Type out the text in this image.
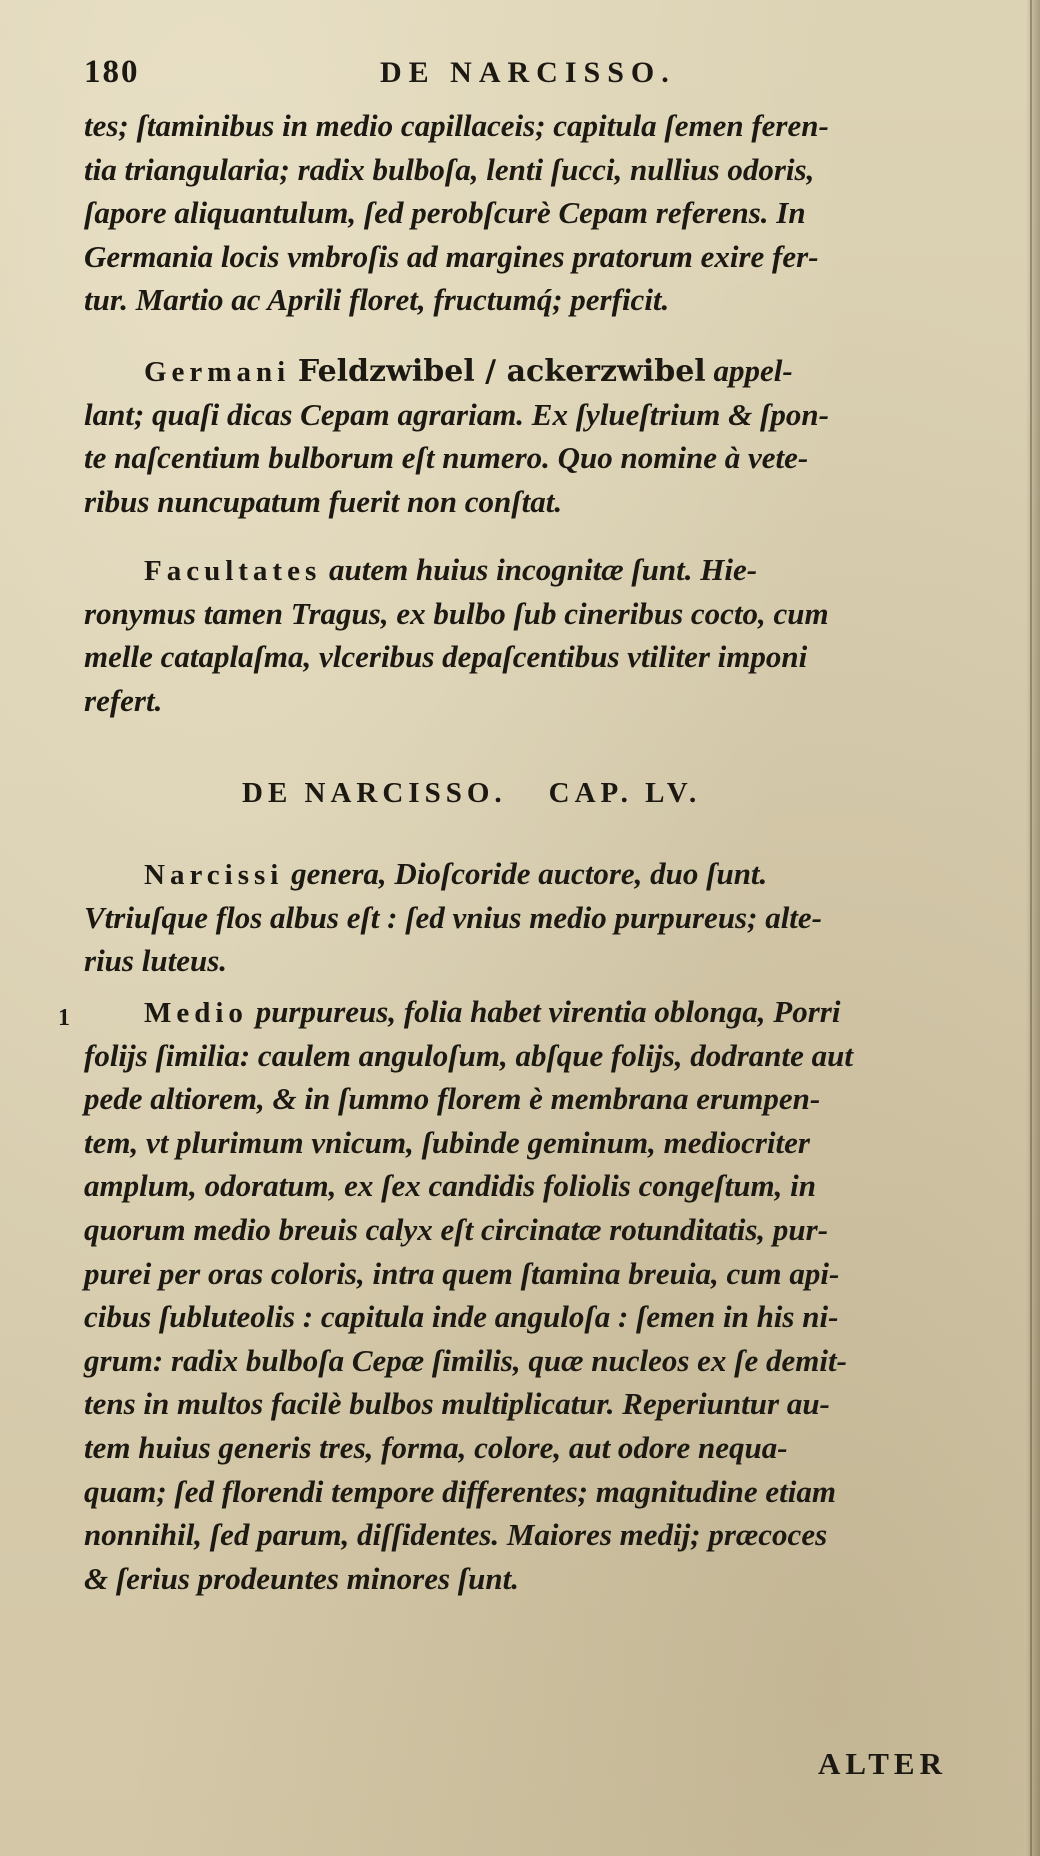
180	DE NARCISSO.
tes; ſtaminibus in medio capillaceis; capitula ſemen feren-
tia triangularia; radix bulboſa, lenti ſucci, nullius odoris,
ſapore aliquantulum, ſed perobſcurè Cepam referens. In
Germania locis vmbroſis ad margines pratorum exire fer-
tur. Martio ac Aprili floret, fructumq́; perficit.
Germani Feldzwibel / ackerzwibel appel-
lant; quaſi dicas Cepam agrariam. Ex ſylueſtrium & ſpon-
te naſcentium bulborum eſt numero. Quo nomine à vete-
ribus nuncupatum fuerit non conſtat.
Facultates autem huius incognitæ ſunt. Hie-
ronymus tamen Tragus, ex bulbo ſub cineribus cocto, cum
melle cataplaſma, vlceribus depaſcentibus vtiliter imponi
refert.
DE NARCISSO. CAP. LV.
Narcissi genera, Dioſcoride auctore, duo ſunt.
Vtriuſque flos albus eſt : ſed vnius medio purpureus; alte-
rius luteus.
1	Medio purpureus, folia habet virentia oblonga, Porri
folijs ſimilia: caulem anguloſum, abſque folijs, dodrante aut
pede altiorem, & in ſummo florem è membrana erumpen-
tem, vt plurimum vnicum, ſubinde geminum, mediocriter
amplum, odoratum, ex ſex candidis foliolis congeſtum, in
quorum medio breuis calyx eſt circinatæ rotunditatis, pur-
purei per oras coloris, intra quem ſtamina breuia, cum api-
cibus ſubluteolis : capitula inde anguloſa : ſemen in his ni-
grum: radix bulboſa Cepæ ſimilis, quæ nucleos ex ſe demit-
tens in multos facilè bulbos multiplicatur. Reperiuntur au-
tem huius generis tres, forma, colore, aut odore nequa-
quam; ſed florendi tempore differentes; magnitudine etiam
nonnihil, ſed parum, diſſidentes. Maiores medij; præcoces
& ſerius prodeuntes minores ſunt.
ALTER
